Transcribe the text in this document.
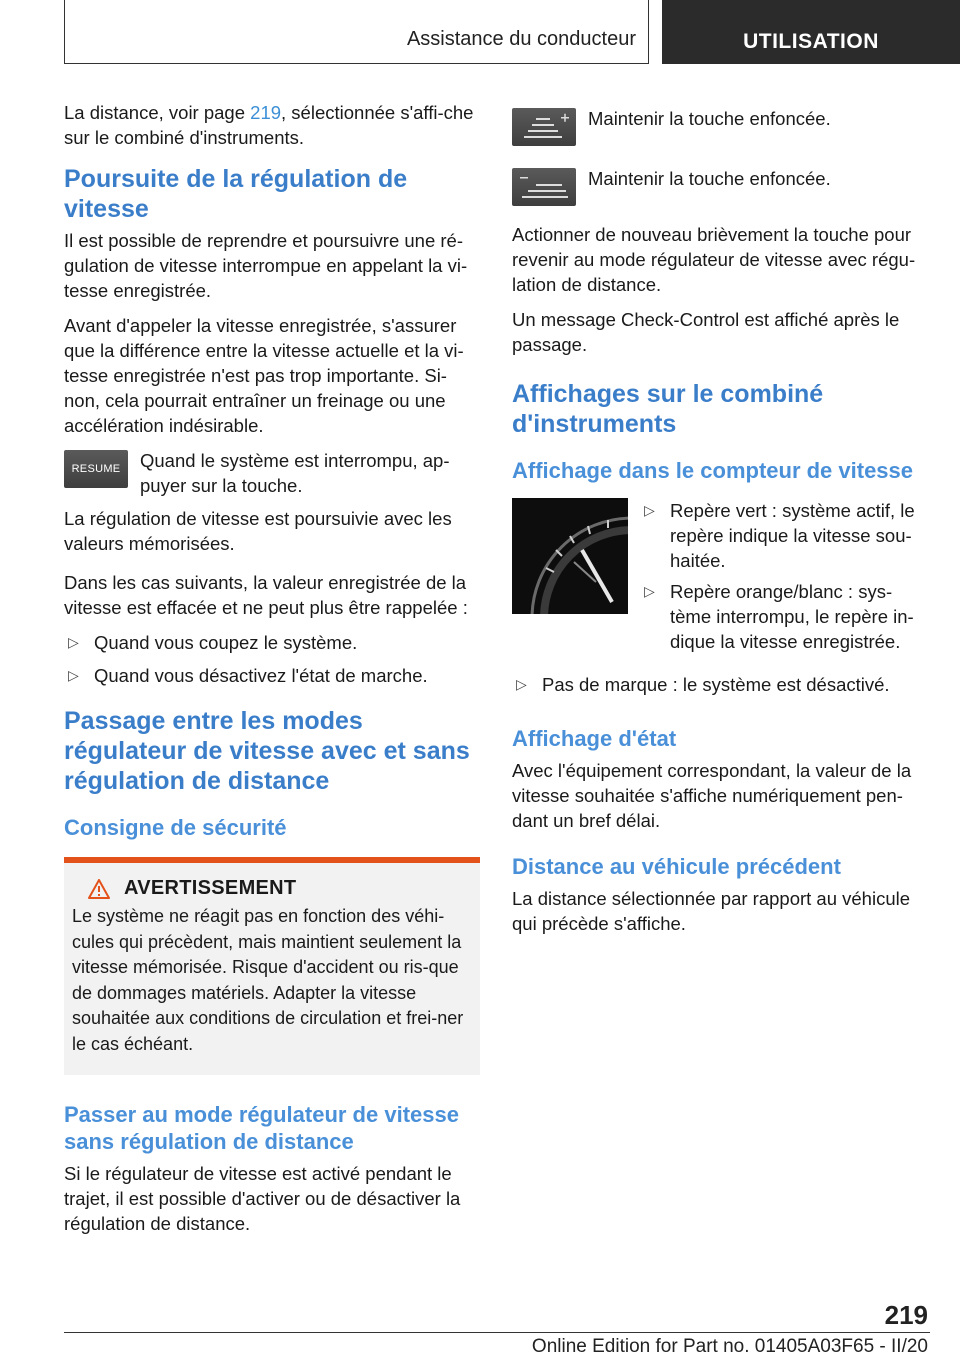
Assistance du conducteur	UTILISATION

La distance, voir page 219, sélectionnée s'affi-che sur le combiné d'instruments.

Poursuite de la régulation de vitesse

Il est possible de reprendre et poursuivre une ré-gulation de vitesse interrompue en appelant la vi-tesse enregistrée.

Avant d'appeler la vitesse enregistrée, s'assurer que la différence entre la vitesse actuelle et la vi-tesse enregistrée n'est pas trop importante. Si-non, cela pourrait entraîner un freinage ou une accélération indésirable.

RESUME Quand le système est interrompu, ap-puyer sur la touche.

La régulation de vitesse est poursuivie avec les valeurs mémorisées.

Dans les cas suivants, la valeur enregistrée de la vitesse est effacée et ne peut plus être rappelée :

▷ Quand vous coupez le système.
▷ Quand vous désactivez l'état de marche.
Passage entre les modes régulateur de vitesse avec et sans régulation de distance
Consigne de sécurité
AVERTISSEMENT

Le système ne réagit pas en fonction des véhi-cules qui précèdent, mais maintient seulement la vitesse mémorisée. Risque d'accident ou ris-que de dommages matériels. Adapter la vitesse souhaitée aux conditions de circulation et frei-ner le cas échéant.

Passer au mode régulateur de vitesse sans régulation de distance

Si le régulateur de vitesse est activé pendant le trajet, il est possible d'activer ou de désactiver la régulation de distance.

Maintenir la touche enfoncée.
Maintenir la touche enfoncée.

Actionner de nouveau brièvement la touche pour revenir au mode régulateur de vitesse avec régu-lation de distance.

Un message Check-Control est affiché après le passage.

Affichages sur le combiné d'instruments
Affichage dans le compteur de vitesse
▷ Repère vert : système actif, le repère indique la vitesse sou-haitée.
▷ Repère orange/blanc : sys-tème interrompu, le repère in-dique la vitesse enregistrée.
▷ Pas de marque : le système est désactivé.
Affichage d'état

Avec l'équipement correspondant, la valeur de la vitesse souhaitée s'affiche numériquement pen-dant un bref délai.

Distance au véhicule précédent

La distance sélectionnée par rapport au véhicule qui précède s'affiche.

219
Online Edition for Part no. 01405A03F65 - II/20
